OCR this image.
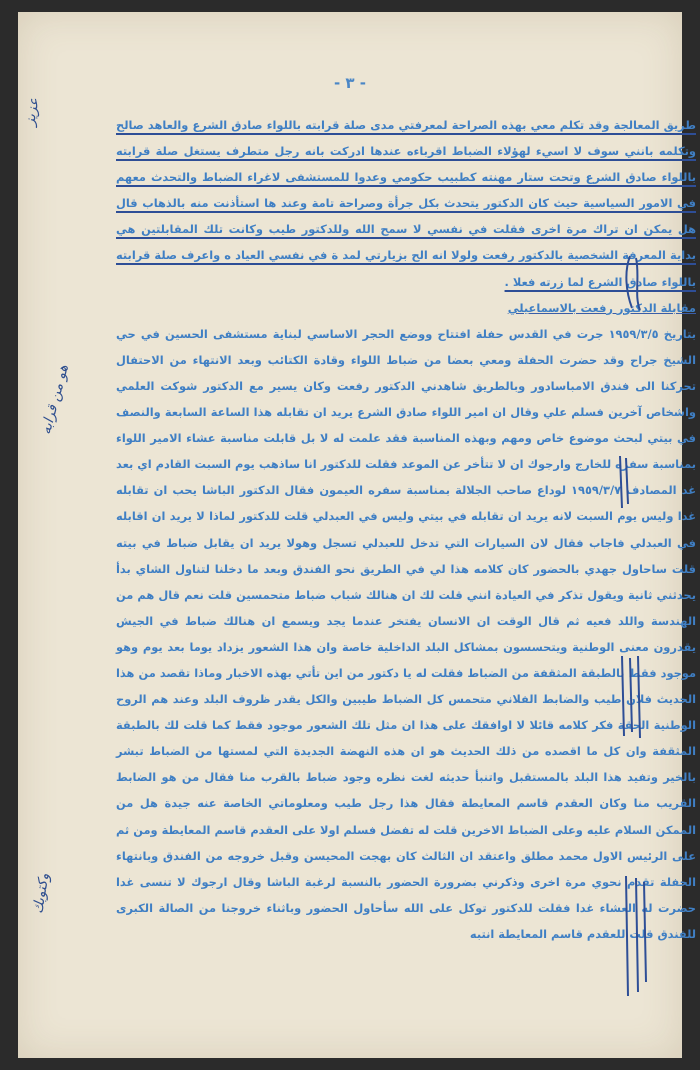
- ٣ -

طريق المعالجة وقد تكلم معي بهذه الصراحة لمعرفتي مدى صلة قرابته باللواء صادق الشرع والعاهد صالح وتكلمه بانني سوف لا اسيء لهؤلاء الضباط اقرباءه عندها ادركت بانه رجل متطرف يستغل صلة قرابته باللواء صادق الشرع وتحت ستار مهنته كطبيب حكومي وعدوا للمستشفى لاغراء الضباط والتحدث معهم في الامور السياسية حيث كان الدكتور يتحدث بكل جرأة وصراحة تامة وعند ها استأذنت منه بالذهاب قال هل يمكن ان تراك مرة اخرى فقلت في نفسي لا سمح الله وللدكتور طيب وكانت تلك المقابلتين هي بداية المعرفة الشخصية بالدكتور رفعت ولولا انه الح بزيارتي لمد ة في نفسي العياد ه واعرف صلة قرابته باللواء صادق الشرع لما زرته فعلا .

مقابلة الدكتور رفعت بالاسماعيلي

بتاريخ ١٩٥٩/٣/٥ جرت في القدس حفلة افتتاح ووضع الحجر الاساسي لبناية مستشفى الحسين في حي الشيخ جراح وقد حضرت الحفلة ومعي بعضا من ضباط اللواء وقادة الكتائب وبعد الانتهاء من الاحتفال تحركنا الى فندق الامباسادور وبالطريق شاهدني الدكتور رفعت وكان يسير مع الدكتور شوكت العلمي واشخاص آخرين فسلم علي وقال ان امير اللواء صادق الشرع يريد ان تقابله هذا الساعة السابعة والنصف في بيتي لبحث موضوع خاص ومهم وبهذه المناسبة فقد علمت له لا بل قابلت مناسبة عشاء الامير اللواء بمناسبة سفره للخارج وارجوك ان لا تتأخر عن الموعد فقلت للدكتور انا ساذهب يوم السبت القادم اي بعد غد المصادف ١٩٥٩/٣/٧ لوداع صاحب الجلالة بمناسبة سفره العيمون فقال الدكتور الباشا يحب ان تقابله غدا وليس يوم السبت لانه يريد ان تقابله في بيتي وليس في العبدلي قلت للدكتور لماذا لا يريد ان اقابله في العبدلي فاجاب فقال لان السيارات التي تدخل للعبدلي تسجل وهولا يريد ان يقابل ضباط في بيته قلت ساحاول جهدي بالحضور كان كلامه هذا لي في الطريق نحو الفندق وبعد ما دخلنا لتناول الشاي بدأ يحدثني ثانية ويقول تذكر في العيادة انني قلت لك ان هنالك شباب ضباط متحمسين قلت نعم قال هم من الهندسة واللد فعيه ثم قال الوقت ان الانسان يفتخر عندما يجد ويسمع ان هنالك ضباط في الجيش يقدرون معنى الوطنية ويتحسسون بمشاكل البلد الداخلية خاصة وان هذا الشعور يزداد يوما بعد يوم وهو موجود فقط بالطبقة المثقفة من الضباط فقلت له يا دكتور من اين تأتي بهذه الاخبار وماذا تقصد من هذا الحديث فلان طيب والضابط الفلاني متحمس كل الضباط طيبين والكل يقدر ظروف البلد وعند هم الروح الوطنية الحقة فكر كلامه قائلا لا اوافقك على هذا ان مثل تلك الشعور موجود فقط كما قلت لك بالطبقة المثقفة وان كل ما اقصده من ذلك الحديث هو ان هذه النهضة الجديدة التي لمستها من الضباط تبشر بالخير وتفيد هذا البلد بالمستقبل واتنبأ حديثه لغت نظره وجود ضباط بالقرب منا فقال من هو الضابط القريب منا وكان العقدم قاسم المعايطة فقال هذا رجل طيب ومعلوماتي الخاصة عنه جيدة هل من الممكن السلام عليه وعلى الضباط الاخرين قلت له تفضل فسلم اولا على العقدم قاسم المعايطة ومن ثم على الرئيس الاول محمد مطلق واعتقد ان الثالث كان بهجت المحيسن وقبل خروجه من الفندق وبانتهاء الحفلة تقدم نحوي مرة اخرى وذكرني بضرورة الحضور بالنسبة لرغبة الباشا وقال ارجوك لا تنسى غدا حضرت له العشاء غدا فقلت للدكتور توكل على الله سأحاول الحضور وباثناء خروجنا من الصالة الكبرى للفندق قلت للعقدم قاسم المعايطة انتبه

عزيز
هو من قرابه
وكتوبك
